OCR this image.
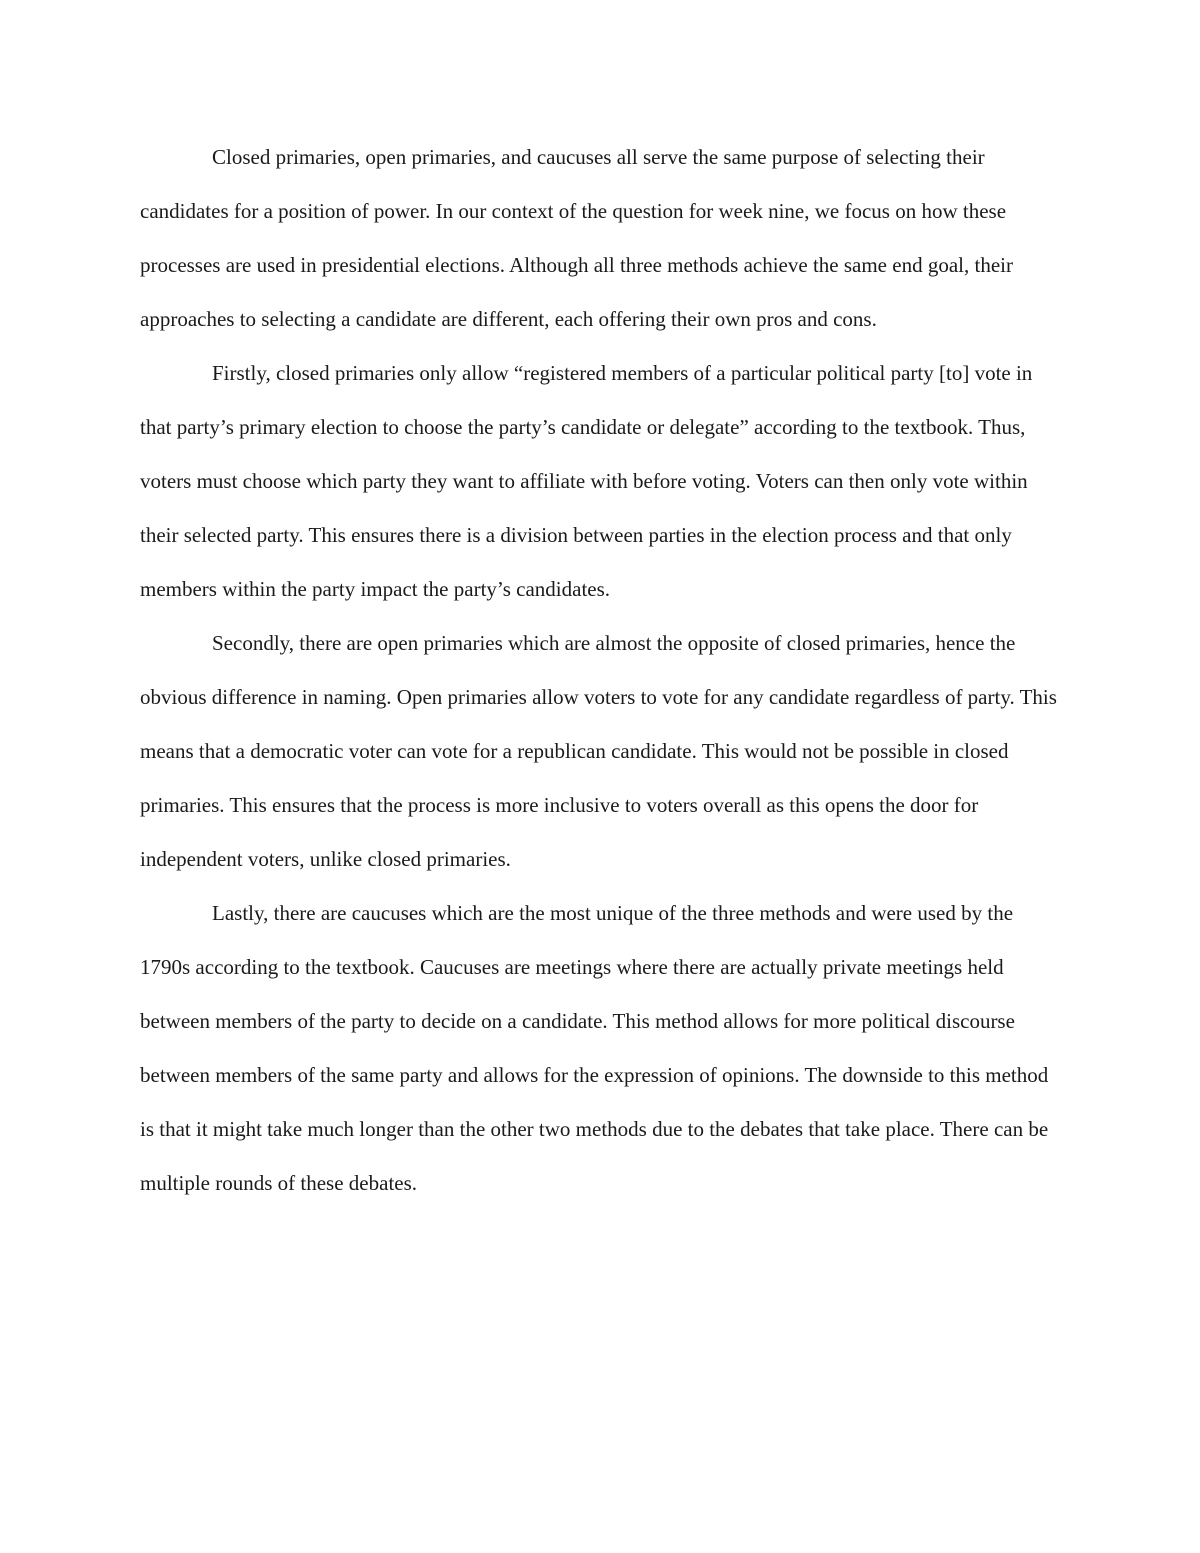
Closed primaries, open primaries, and caucuses all serve the same purpose of selecting their candidates for a position of power. In our context of the question for week nine, we focus on how these processes are used in presidential elections. Although all three methods achieve the same end goal, their approaches to selecting a candidate are different, each offering their own pros and cons.

Firstly, closed primaries only allow “registered members of a particular political party [to] vote in that party’s primary election to choose the party’s candidate or delegate” according to the textbook. Thus, voters must choose which party they want to affiliate with before voting. Voters can then only vote within their selected party. This ensures there is a division between parties in the election process and that only members within the party impact the party’s candidates.

Secondly, there are open primaries which are almost the opposite of closed primaries, hence the obvious difference in naming. Open primaries allow voters to vote for any candidate regardless of party. This means that a democratic voter can vote for a republican candidate. This would not be possible in closed primaries. This ensures that the process is more inclusive to voters overall as this opens the door for independent voters, unlike closed primaries.

Lastly, there are caucuses which are the most unique of the three methods and were used by the 1790s according to the textbook. Caucuses are meetings where there are actually private meetings held between members of the party to decide on a candidate. This method allows for more political discourse between members of the same party and allows for the expression of opinions. The downside to this method is that it might take much longer than the other two methods due to the debates that take place. There can be multiple rounds of these debates.
